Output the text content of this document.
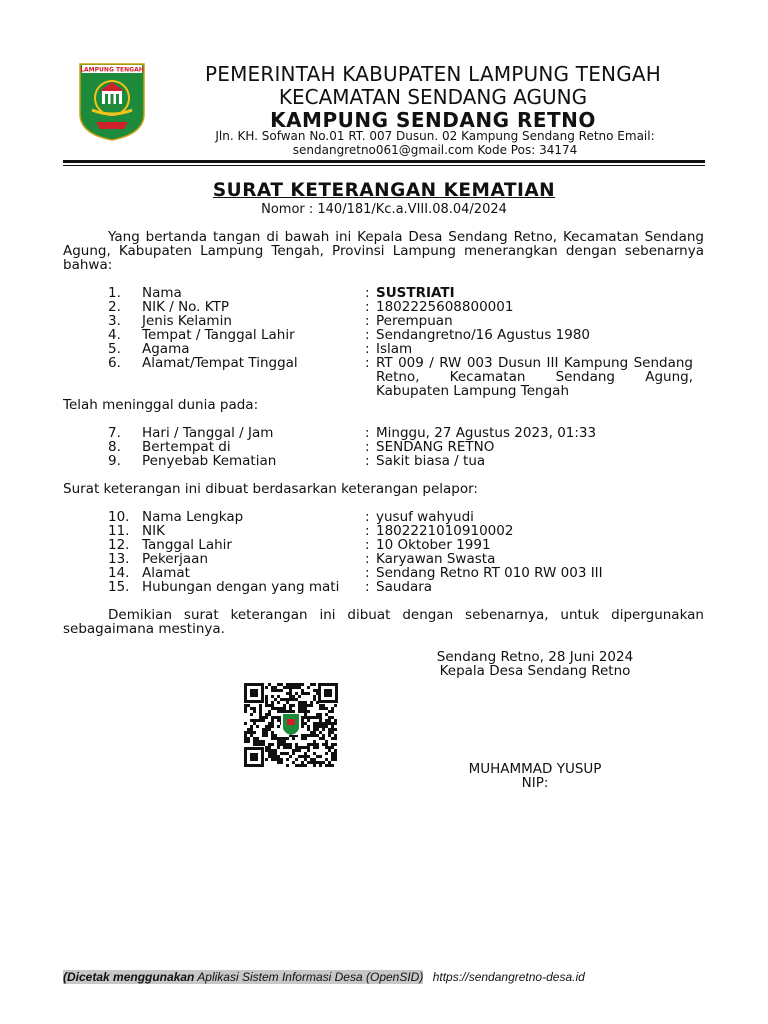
LAMPUNG TENGAH	PEMERINTAH KABUPATEN LAMPUNG TENGAH
KECAMATAN SENDANG AGUNG
KAMPUNG SENDANG RETNO
Jln. KH. Sofwan No.01 RT. 007 Dusun. 02 Kampung Sendang Retno Email:
sendangretno061@gmail.com Kode Pos: 34174
SURAT KETERANGAN KEMATIAN
Nomor : 140/181/Kc.a.VIII.08.04/2024
Yang bertanda tangan di bawah ini Kepala Desa Sendang Retno, Kecamatan Sendang Agung, Kabupaten Lampung Tengah, Provinsi Lampung menerangkan dengan sebenarnya bahwa:
1. Nama	: SUSTRIATI
2. NIK / No. KTP	: 1802225608800001
3. Jenis Kelamin	: Perempuan
4. Tempat / Tanggal Lahir	: Sendangretno/16 Agustus 1980
5. Agama	: Islam
6. Alamat/Tempat Tinggal	: RT 009 / RW 003 Dusun III Kampung Sendang
Retno,     Kecamatan     Sendang     Agung,
Kabupaten Lampung Tengah
Telah meninggal dunia pada:
7. Hari / Tanggal / Jam	: Minggu, 27 Agustus 2023, 01:33
8. Bertempat di	: SENDANG RETNO
9. Penyebab Kematian	: Sakit biasa / tua
Surat keterangan ini dibuat berdasarkan keterangan pelapor:
10. Nama Lengkap	: yusuf wahyudi
11. NIK	: 1802221010910002
12. Tanggal Lahir	: 10 Oktober 1991
13. Pekerjaan	: Karyawan Swasta
14. Alamat	: Sendang Retno RT 010 RW 003 III
15. Hubungan dengan yang mati : Saudara
Demikian surat keterangan ini dibuat dengan sebenarnya, untuk dipergunakan sebagaimana mestinya.
Sendang Retno, 28 Juni 2024
Kepala Desa Sendang Retno
MUHAMMAD YUSUP
NIP:
(Dicetak menggunakan Aplikasi Sistem Informasi Desa (OpenSID) https://sendangretno-desa.id
